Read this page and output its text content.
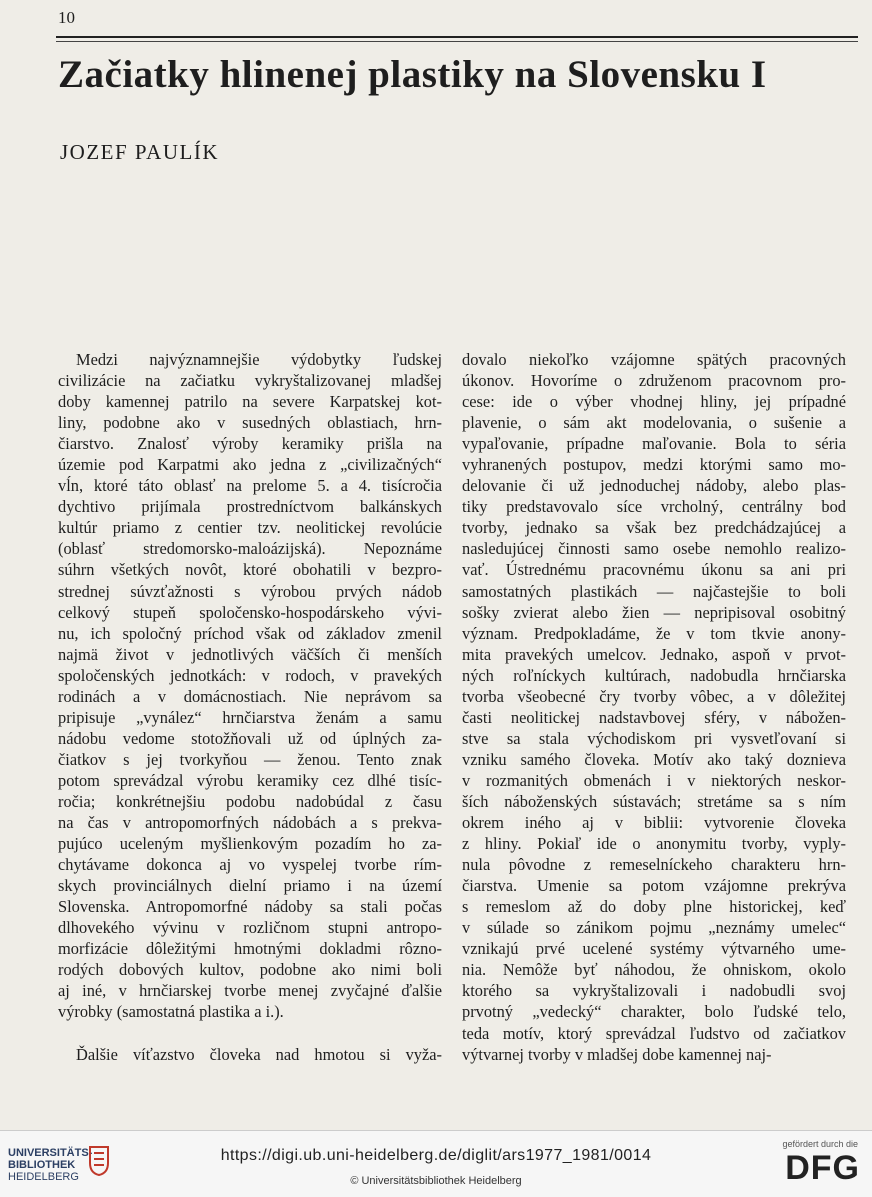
10
Začiatky hlinenej plastiky na Slovensku I

JOZEF PAULÍK

Medzi najvýznamnejšie výdobytky ľudskej
civilizácie na začiatku vykryštalizovanej mladšej
doby kamennej patrilo na severe Karpatskej kot-
liny, podobne ako v susedných oblastiach, hrn-
čiarstvo. Znalosť výroby keramiky prišla na
územie pod Karpatmi ako jedna z „civilizačných“
vĺn, ktoré táto oblasť na prelome 5. a 4. tisícročia
dychtivo prijímala prostredníctvom balkánskych
kultúr priamo z centier tzv. neolitickej revolúcie
(oblasť stredomorsko-maloázijská). Nepoznáme
súhrn všetkých novôt, ktoré obohatili v bezpro-
strednej súvzťažnosti s výrobou prvých nádob
celkový stupeň spoločensko-hospodárskeho vývi-
nu, ich spoločný príchod však od základov zmenil
najmä život v jednotlivých väčších či menších
spoločenských jednotkách: v rodoch, v pravekých
rodinách a v domácnostiach. Nie neprávom sa
pripisuje „vynález“ hrnčiarstva ženám a samu
nádobu vedome stotožňovali už od úplných za-
čiatkov s jej tvorkyňou — ženou. Tento znak
potom sprevádzal výrobu keramiky cez dlhé tisíc-
ročia; konkrétnejšiu podobu nadobúdal z času
na čas v antropomorfných nádobách a s prekva-
pujúco uceleným myšlienkovým pozadím ho za-
chytávame dokonca aj vo vyspelej tvorbe rím-
skych provinciálnych dielní priamo i na území
Slovenska. Antropomorfné nádoby sa stali počas
dlhovekého vývinu v rozličnom stupni antropo-
morfizácie dôležitými hmotnými dokladmi rôzno-
rodých dobových kultov, podobne ako nimi boli
aj iné, v hrnčiarskej tvorbe menej zvyčajné ďalšie
výrobky (samostatná plastika a i.).

Ďalšie víťazstvo človeka nad hmotou si vyža-

dovalo niekoľko vzájomne spätých pracovných
úkonov. Hovoríme o združenom pracovnom pro-
cese: ide o výber vhodnej hliny, jej prípadné
plavenie, o sám akt modelovania, o sušenie a
vypaľovanie, prípadne maľovanie. Bola to séria
vyhranených postupov, medzi ktorými samo mo-
delovanie či už jednoduchej nádoby, alebo plas-
tiky predstavovalo síce vrcholný, centrálny bod
tvorby, jednako sa však bez predchádzajúcej a
nasledujúcej činnosti samo osebe nemohlo realizo-
vať. Ústrednému pracovnému úkonu sa ani pri
samostatných plastikách — najčastejšie to boli
sošky zvierat alebo žien — nepripisoval osobitný
význam. Predpokladáme, že v tom tkvie anony-
mita pravekých umelcov. Jednako, aspoň v prvot-
ných roľníckych kultúrach, nadobudla hrnčiarska
tvorba všeobecné čry tvorby vôbec, a v dôležitej
časti neolitickej nadstavbovej sféry, v nábožen-
stve sa stala východiskom pri vysvetľovaní si
vzniku samého človeka. Motív ako taký doznieva
v rozmanitých obmenách i v niektorých neskor-
ších náboženských sústavách; stretáme sa s ním
okrem iného aj v biblii: vytvorenie človeka
z hliny. Pokiaľ ide o anonymitu tvorby, vyply-
nula pôvodne z remeselníckeho charakteru hrn-
čiarstva. Umenie sa potom vzájomne prekrýva
s remeslom až do doby plne historickej, keď
v súlade so zánikom pojmu „neznámy umelec“
vznikajú prvé ucelené systémy výtvarného ume-
nia. Nemôže byť náhodou, že ohniskom, okolo
ktorého sa vykryštalizovali i nadobudli svoj
prvotný „vedecký“ charakter, bolo ľudské telo,
teda motív, ktorý sprevádzal ľudstvo od začiatkov
výtvarnej tvorby v mladšej dobe kamennej naj-

UNIVERSITÄTS-
BIBLIOTHEK
HEIDELBERG
https://digi.ub.uni-heidelberg.de/diglit/ars1977_1981/0014
© Universitätsbibliothek Heidelberg
gefördert durch die
DFG
